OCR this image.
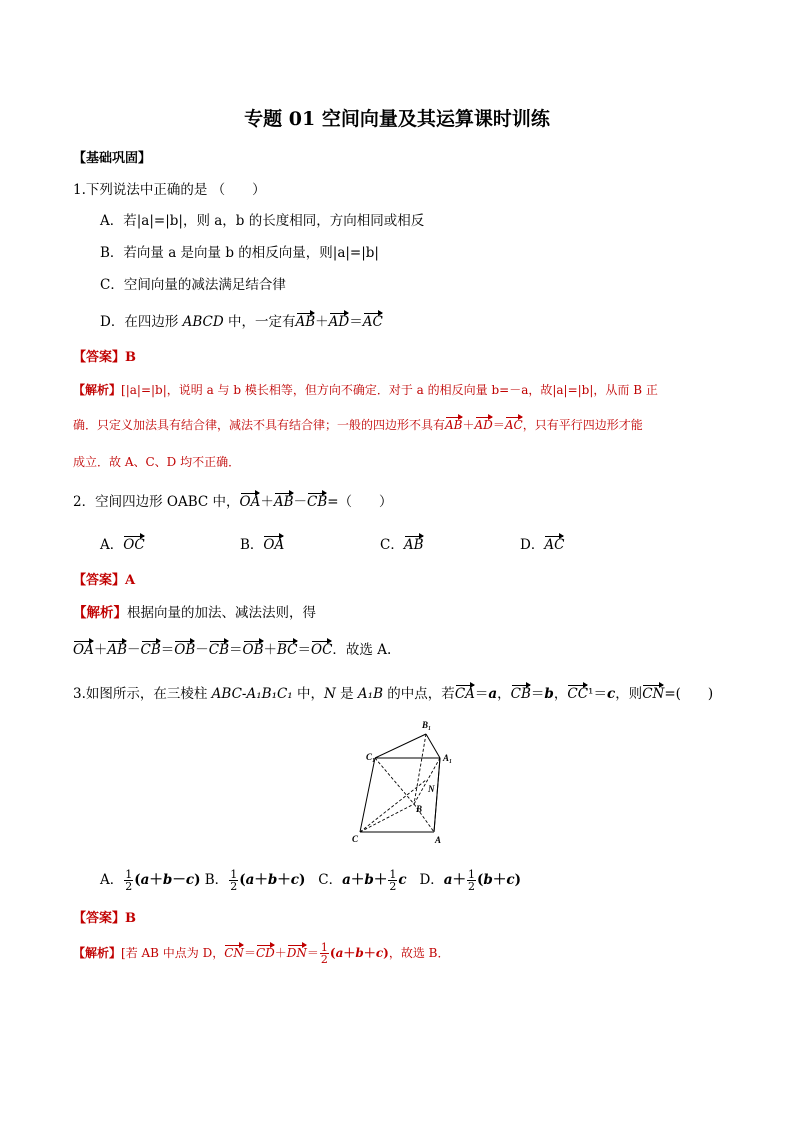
专题 01 空间向量及其运算课时训练
【基础巩固】
1.下列说法中正确的是 （　　）
A．若|a|=|b|，则 a，b 的长度相同，方向相同或相反
B．若向量 a 是向量 b 的相反向量，则|a|=|b|
C．空间向量的减法满足结合律
D．在四边形 ABCD 中，一定有AB＋AD＝AC
【答案】B
【解析】[|a|=|b|，说明 a 与 b 模长相等，但方向不确定．对于 a 的相反向量 b=－a，故|a|=|b|，从而 B 正
确．只定义加法具有结合律，减法不具有结合律；一般的四边形不具有AB＋AD＝AC，只有平行四边形才能
成立．故 A、C、D 均不正确．
2．空间四边形 OABC 中，OA＋AB－CB=（　　）
A．OC	B．OA	C．AB	D．AC
【答案】A
【解析】根据向量的加法、减法法则，得
OA＋AB－CB＝OB－CB＝OB＋BC＝OC．故选 A.
3.如图所示，在三棱柱 ABC-A₁B₁C₁ 中，N 是 A₁B 的中点，若CA＝a，CB＝b，CC¹＝c，则CN=(　　)
B₁
C₁	A₁
N
B
C	A
A． $\frac{1}{2} (a+b-c)$ B． $\frac{1}{2} (a+b+c)$ C．$a+b+ \frac{1}{2}$ c D．$a+ \frac{1}{2} (b+c)$
【答案】B
【解析】[若 AB 中点为 D，$CN=CD+DN= \frac{1}{2} (a+b+c)$，故选 B．
